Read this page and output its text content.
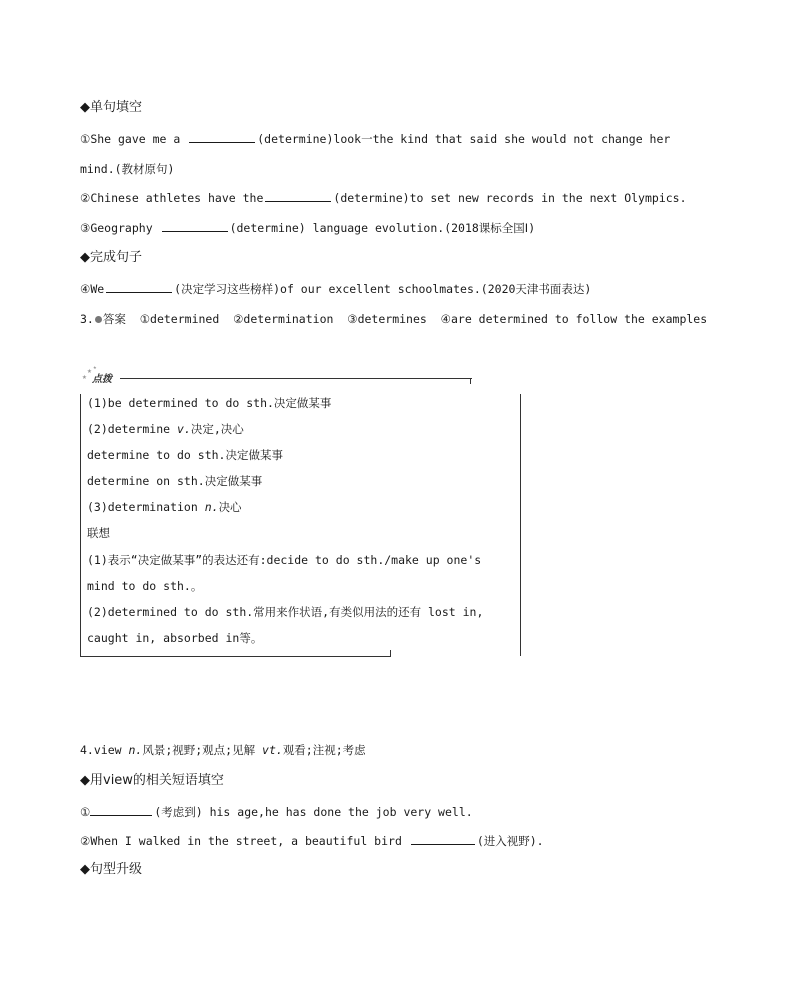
◆单句填空
①She gave me a	(determine)look一the kind that said she would not change her
mind.(教材原句)
②Chinese athletes have the	(determine)to set new records in the next Olympics.
③Geography	(determine) language evolution.(2018课标全国Ⅰ)
◆完成句子
④We	(决定学习这些榜样)of our excellent schoolmates.(2020天津书面表达)
3. 答案 ①determined  ②determination  ③determines  ④are determined to follow the examples
★
★ ★
点拨
(1)be determined to do sth.决定做某事
(2)determine v.决定,决心
determine to do sth.决定做某事
determine on sth.决定做某事
(3)determination n.决心
联想
(1)表示“决定做某事”的表达还有:decide to do sth./make up one's
mind to do sth.。
(2)determined to do sth.常用来作状语,有类似用法的还有 lost in,
caught in, absorbed in等。
4.view n.风景;视野;观点;见解 vt.观看;注视;考虑
◆用view的相关短语填空
①	(考虑到) his age,he has done the job very well.
②When I walked in the street, a beautiful bird	(进入视野).
◆句型升级
